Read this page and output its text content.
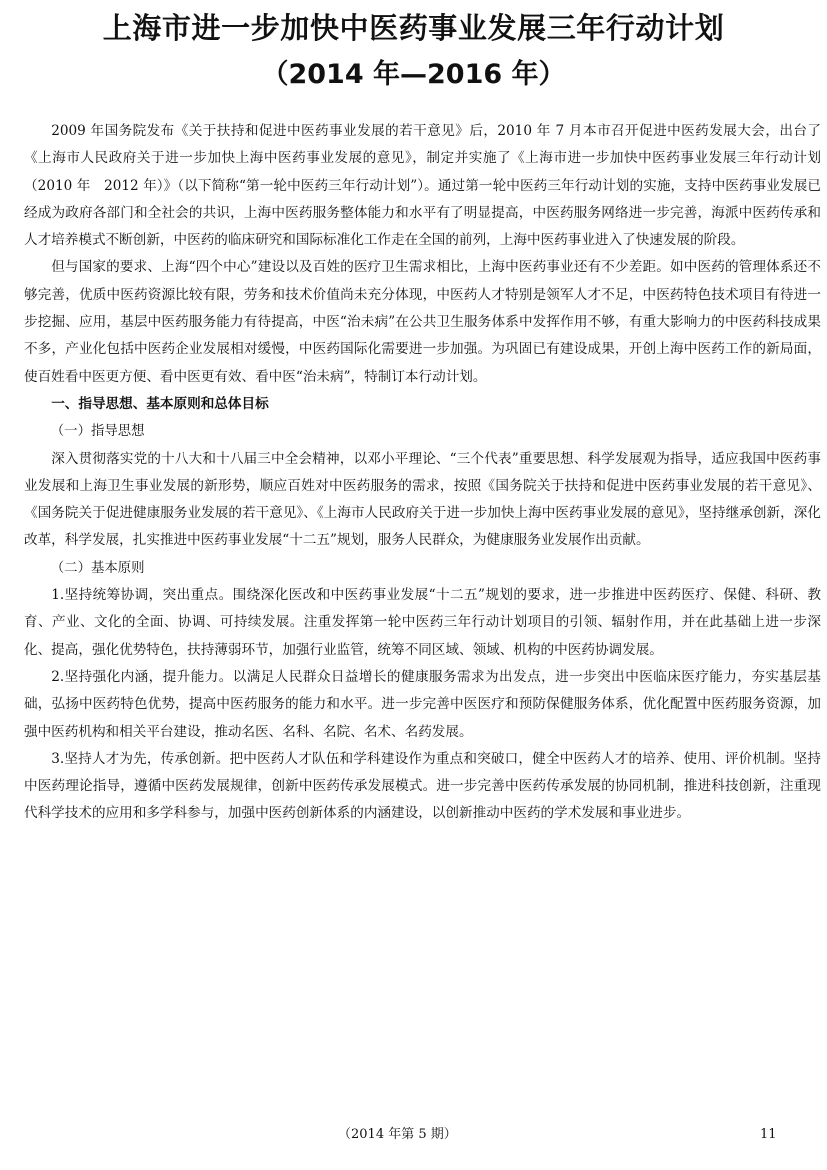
上海市进一步加快中医药事业发展三年行动计划
（2014 年—2016 年）

2009 年国务院发布《关于扶持和促进中医药事业发展的若干意见》后，2010 年 7 月本市召开促进中医药发展大会，出台了《上海市人民政府关于进一步加快上海中医药事业发展的意见》，制定并实施了《上海市进一步加快中医药事业发展三年行动计划（2010 年　2012 年）》（以下简称“第一轮中医药三年行动计划”）。通过第一轮中医药三年行动计划的实施，支持中医药事业发展已经成为政府各部门和全社会的共识，上海中医药服务整体能力和水平有了明显提高，中医药服务网络进一步完善，海派中医药传承和人才培养模式不断创新，中医药的临床研究和国际标准化工作走在全国的前列，上海中医药事业进入了快速发展的阶段。

但与国家的要求、上海“四个中心”建设以及百姓的医疗卫生需求相比，上海中医药事业还有不少差距。如中医药的管理体系还不够完善，优质中医药资源比较有限，劳务和技术价值尚未充分体现，中医药人才特别是领军人才不足，中医药特色技术项目有待进一步挖掘、应用，基层中医药服务能力有待提高，中医“治未病”在公共卫生服务体系中发挥作用不够，有重大影响力的中医药科技成果不多，产业化包括中医药企业发展相对缓慢，中医药国际化需要进一步加强。为巩固已有建设成果，开创上海中医药工作的新局面，使百姓看中医更方便、看中医更有效、看中医“治未病”，特制订本行动计划。

一、指导思想、基本原则和总体目标

（一）指导思想

深入贯彻落实党的十八大和十八届三中全会精神，以邓小平理论、“三个代表”重要思想、科学发展观为指导，适应我国中医药事业发展和上海卫生事业发展的新形势，顺应百姓对中医药服务的需求，按照《国务院关于扶持和促进中医药事业发展的若干意见》、《国务院关于促进健康服务业发展的若干意见》、《上海市人民政府关于进一步加快上海中医药事业发展的意见》，坚持继承创新，深化改革，科学发展，扎实推进中医药事业发展“十二五”规划，服务人民群众，为健康服务业发展作出贡献。

（二）基本原则

1.坚持统筹协调，突出重点。围绕深化医改和中医药事业发展“十二五”规划的要求，进一步推进中医药医疗、保健、科研、教育、产业、文化的全面、协调、可持续发展。注重发挥第一轮中医药三年行动计划项目的引领、辐射作用，并在此基础上进一步深化、提高，强化优势特色，扶持薄弱环节，加强行业监管，统筹不同区域、领域、机构的中医药协调发展。

2.坚持强化内涵，提升能力。以满足人民群众日益增长的健康服务需求为出发点，进一步突出中医临床医疗能力，夯实基层基础，弘扬中医药特色优势，提高中医药服务的能力和水平。进一步完善中医医疗和预防保健服务体系，优化配置中医药服务资源，加强中医药机构和相关平台建设，推动名医、名科、名院、名术、名药发展。

3.坚持人才为先，传承创新。把中医药人才队伍和学科建设作为重点和突破口，健全中医药人才的培养、使用、评价机制。坚持中医药理论指导，遵循中医药发展规律，创新中医药传承发展模式。进一步完善中医药传承发展的协同机制，推进科技创新，注重现代科学技术的应用和多学科参与，加强中医药创新体系的内涵建设，以创新推动中医药的学术发展和事业进步。

（2014 年第 5 期）	11
